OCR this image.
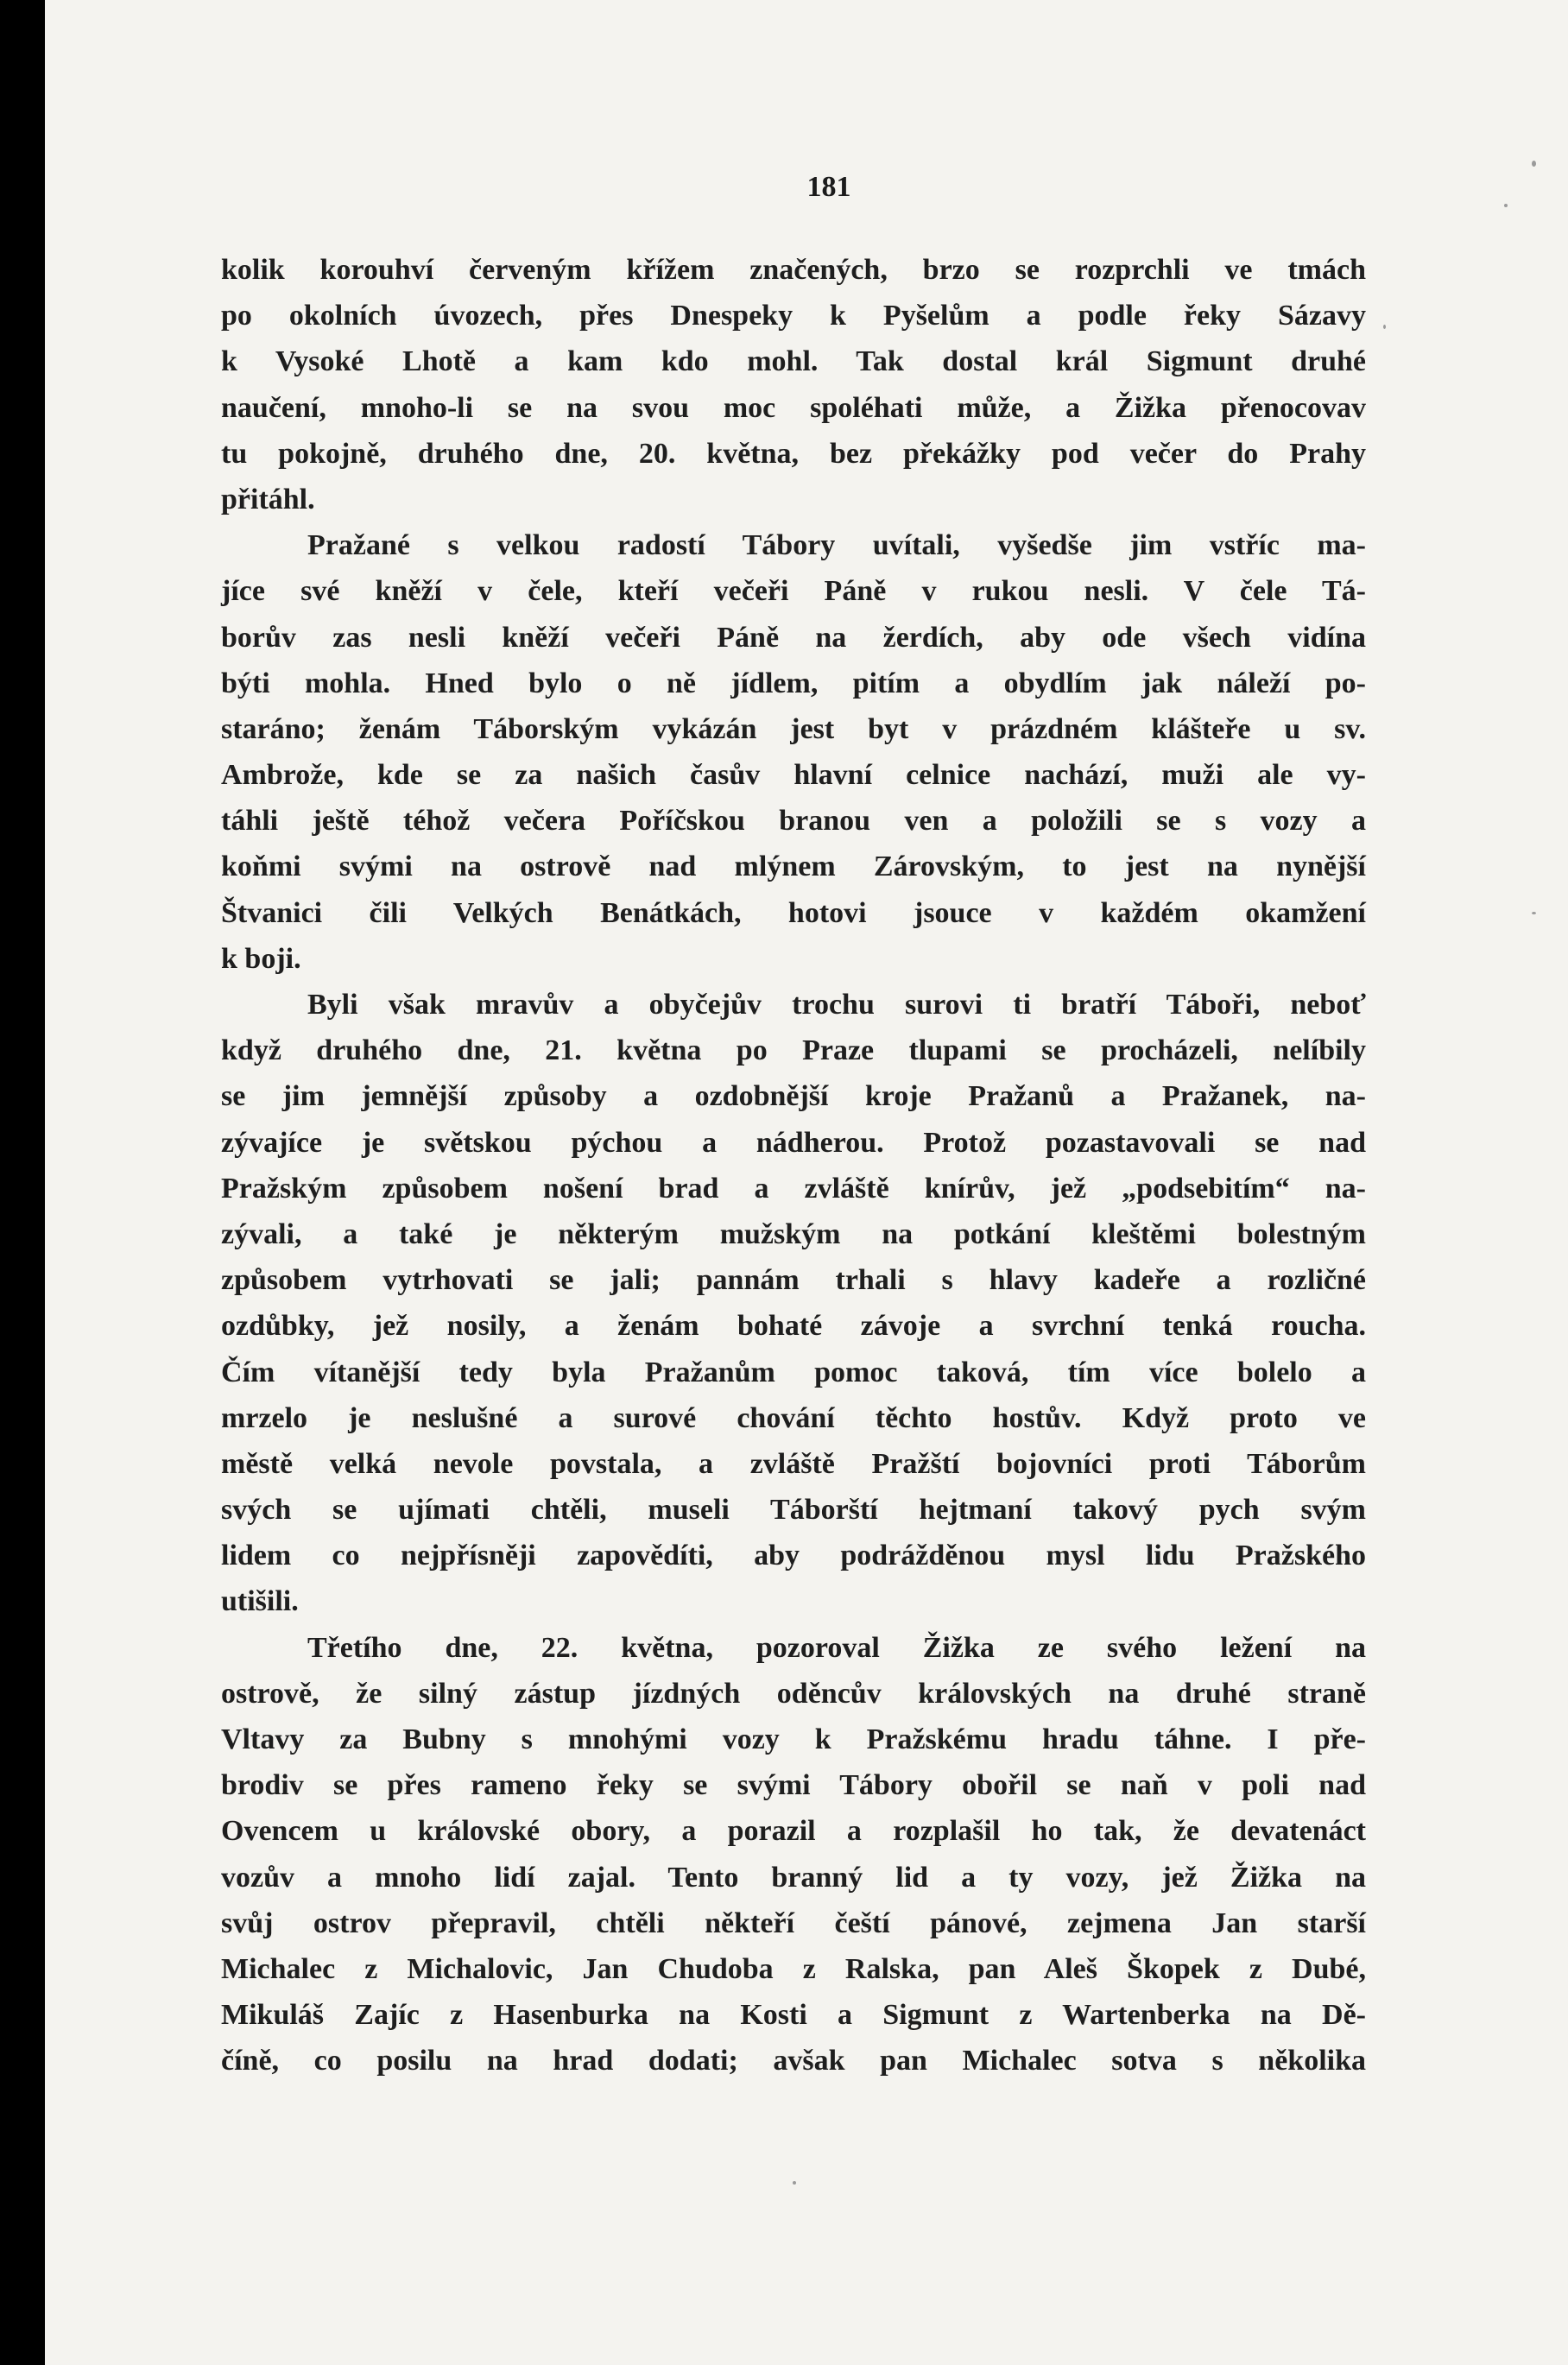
181
kolik korouhví červeným křížem značených, brzo se rozprchli ve tmách
po okolních úvozech, přes Dnespeky k Pyšelům a podle řeky Sázavy
k Vysoké Lhotě a kam kdo mohl. Tak dostal král Sigmunt druhé
naučení, mnoho-li se na svou moc spoléhati může, a Žižka přenocovav
tu pokojně, druhého dne, 20. května, bez překážky pod večer do Prahy
přitáhl.
Pražané s velkou radostí Tábory uvítali, vyšedše jim vstříc ma-
jíce své kněží v čele, kteří večeři Páně v rukou nesli. V čele Tá-
borův zas nesli kněží večeři Páně na žerdích, aby ode všech vidína
býti mohla. Hned bylo o ně jídlem, pitím a obydlím jak náleží po-
staráno; ženám Táborským vykázán jest byt v prázdném klášteře u sv.
Ambrože, kde se za našich časův hlavní celnice nachází, muži ale vy-
táhli ještě téhož večera Poříčskou branou ven a položili se s vozy a
koňmi svými na ostrově nad mlýnem Zárovským, to jest na nynější
Štvanici čili Velkých Benátkách, hotovi jsouce v každém okamžení
k boji.
Byli však mravův a obyčejův trochu surovi ti bratří Táboři, neboť
když druhého dne, 21. května po Praze tlupami se procházeli, nelíbily
se jim jemnější způsoby a ozdobnější kroje Pražanů a Pražanek, na-
zývajíce je světskou pýchou a nádherou. Protož pozastavovali se nad
Pražským způsobem nošení brad a zvláště knírův, jež „podsebitím“ na-
zývali, a také je některým mužským na potkání kleštěmi bolestným
způsobem vytrhovati se jali; pannám trhali s hlavy kadeře a rozličné
ozdůbky, jež nosily, a ženám bohaté závoje a svrchní tenká roucha.
Čím vítanější tedy byla Pražanům pomoc taková, tím více bolelo a
mrzelo je neslušné a surové chování těchto hostův. Když proto ve
městě velká nevole povstala, a zvláště Pražští bojovníci proti Táborům
svých se ujímati chtěli, museli Táborští hejtmaní takový pych svým
lidem co nejpřísněji zapovědíti, aby podrážděnou mysl lidu Pražského
utišili.
Třetího dne, 22. května, pozoroval Žižka ze svého ležení na
ostrově, že silný zástup jízdných oděncův královských na druhé straně
Vltavy za Bubny s mnohými vozy k Pražskému hradu táhne. I pře-
brodiv se přes rameno řeky se svými Tábory obořil se naň v poli nad
Ovencem u královské obory, a porazil a rozplašil ho tak, že devatenáct
vozův a mnoho lidí zajal. Tento branný lid a ty vozy, jež Žižka na
svůj ostrov přepravil, chtěli někteří čeští pánové, zejmena Jan starší
Michalec z Michalovic, Jan Chudoba z Ralska, pan Aleš Škopek z Dubé,
Mikuláš Zajíc z Hasenburka na Kosti a Sigmunt z Wartenberka na Dě-
číně, co posilu na hrad dodati; avšak pan Michalec sotva s několika
